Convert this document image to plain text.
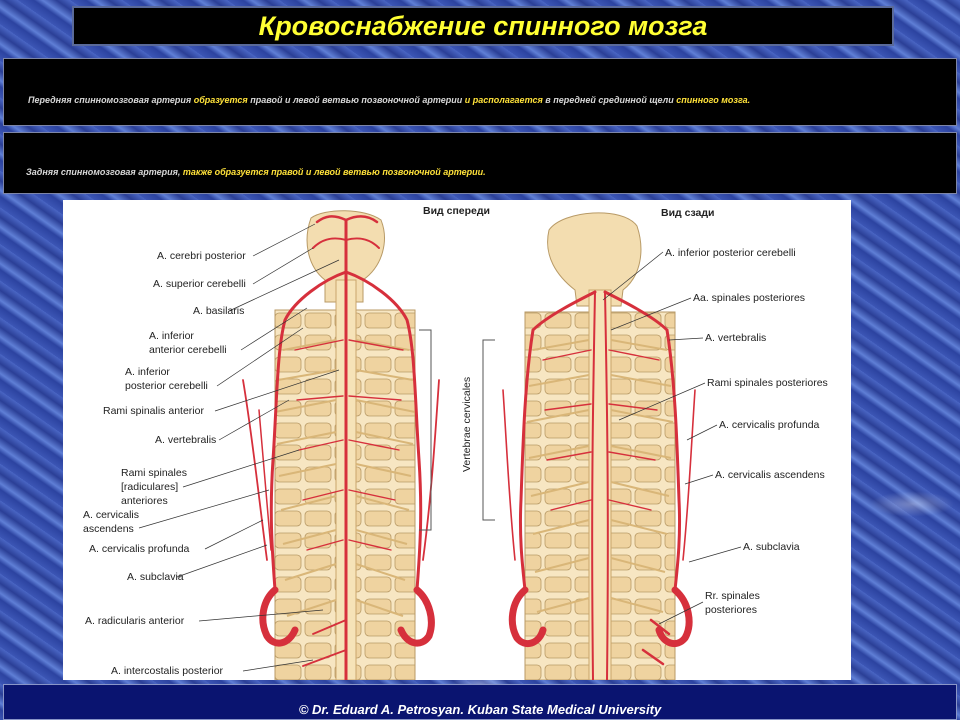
Кровоснабжение спинного мозга
Передняя спинномозговая артерия образуется правой и левой ветвью позвоночной артерии и располагается в передней срединной щели спинного мозга.
Задняя спинномозговая артерия, также образуется правой и левой ветвью позвоночной артерии.
Вид спереди	Вид сзади
Vertebrae cervicales
A. cerebri posterior
A. superior cerebelli
A. basilaris
A. inferior
anterior cerebelli
A. inferior
posterior cerebelli
Rami spinalis anterior
A. vertebralis
Rami spinales
[radiculares]
anteriores
A. cervicalis
ascendens
A. cervicalis profunda
A. subclavia
A. radicularis anterior
A. intercostalis posterior
A. inferior posterior cerebelli
Aa. spinales posteriores
A. vertebralis
Rami spinales posteriores
A. cervicalis profunda
A. cervicalis ascendens
A. subclavia
Rr. spinales
posteriores
© Dr. Eduard A. Petrosyan. Kuban State Medical University
